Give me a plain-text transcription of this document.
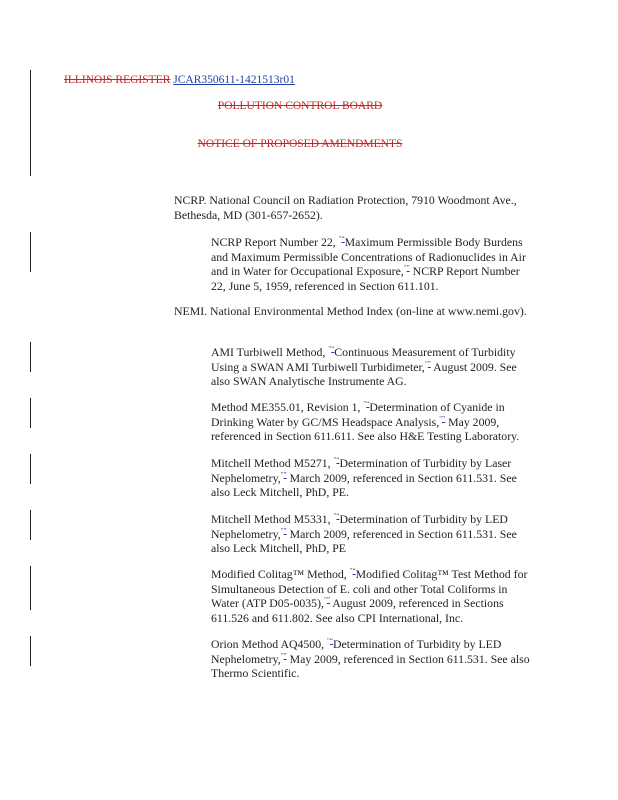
ILLINOIS REGISTER JCAR350611-1421513r01
POLLUTION CONTROL BOARD
NOTICE OF PROPOSED AMENDMENTS
NCRP. National Council on Radiation Protection, 7910 Woodmont Ave., Bethesda, MD (301-657-2652).
NCRP Report Number 22, "“Maximum Permissible Body Burdens and Maximum Permissible Concentrations of Radionuclides in Air and in Water for Occupational Exposure,"” NCRP Report Number 22, June 5, 1959, referenced in Section 611.101.
NEMI. National Environmental Method Index (on-line at www.nemi.gov).
AMI Turbiwell Method, "“Continuous Measurement of Turbidity Using a SWAN AMI Turbiwell Turbidimeter,"” August 2009. See also SWAN Analytische Instrumente AG.
Method ME355.01, Revision 1, "“Determination of Cyanide in Drinking Water by GC/MS Headspace Analysis,"” May 2009, referenced in Section 611.611. See also H&E Testing Laboratory.
Mitchell Method M5271, "“Determination of Turbidity by Laser Nephelometry,"” March 2009, referenced in Section 611.531. See also Leck Mitchell, PhD, PE.
Mitchell Method M5331, "“Determination of Turbidity by LED Nephelometry,"” March 2009, referenced in Section 611.531. See also Leck Mitchell, PhD, PE
Modified Colitag™ Method, "“Modified Colitag™ Test Method for Simultaneous Detection of E. coli and other Total Coliforms in Water (ATP D05-0035),"” August 2009, referenced in Sections 611.526 and 611.802. See also CPI International, Inc.
Orion Method AQ4500, "“Determination of Turbidity by LED Nephelometry,"” May 2009, referenced in Section 611.531. See also Thermo Scientific.
